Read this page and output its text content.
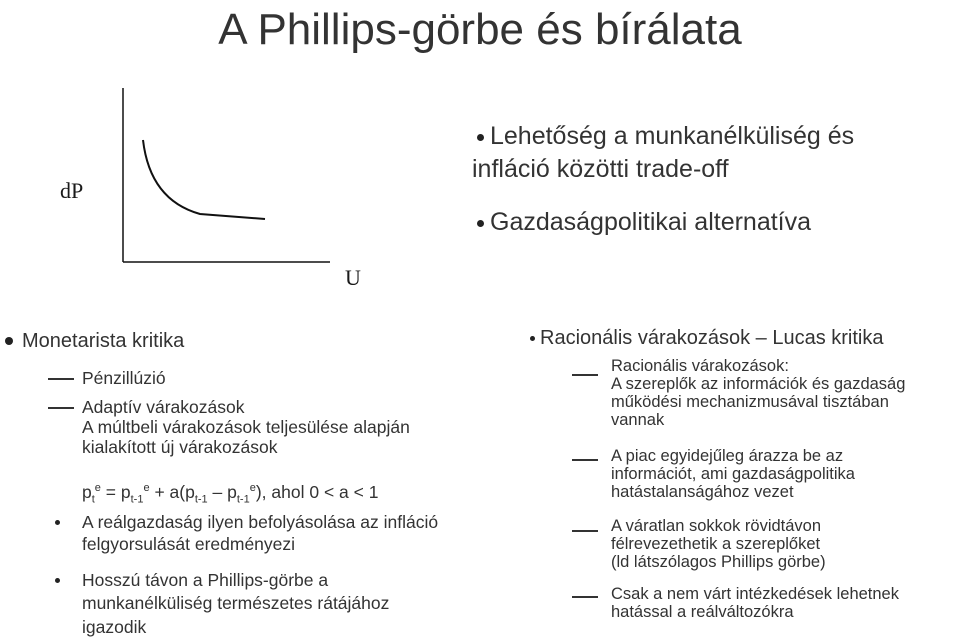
A Phillips-görbe és bírálata
dP
U
Lehetőség a munkanélküliség és
infláció közötti trade-off
Gazdaságpolitikai alternatíva
Monetarista kritika
Pénzillúzió
Adaptív várakozások
A múltbeli várakozások teljesülése alapján
kialakított új várakozások
$p_t^e = p_{t-1}^e + a(p_{t-1}$ ‒ $p_{t-1}^e$), ahol 0 < a < 1
A reálgazdaság ilyen befolyásolása az infláció
felgyorsulását eredményezi
Hosszú távon a Phillips-görbe a
munkanélküliség természetes rátájához
igazodik
Racionális várakozások ‒ Lucas kritika
Racionális várakozások:
A szereplők az információk és gazdaság
működési mechanizmusával tisztában
vannak
A piac egyidejűleg árazza be az
információt, ami gazdaságpolitika
hatástalanságához vezet
A váratlan sokkok rövidtávon
félrevezethetik a szereplőket
(ld látszólagos Phillips görbe)
Csak a nem várt intézkedések lehetnek
hatással a reálváltozókra
